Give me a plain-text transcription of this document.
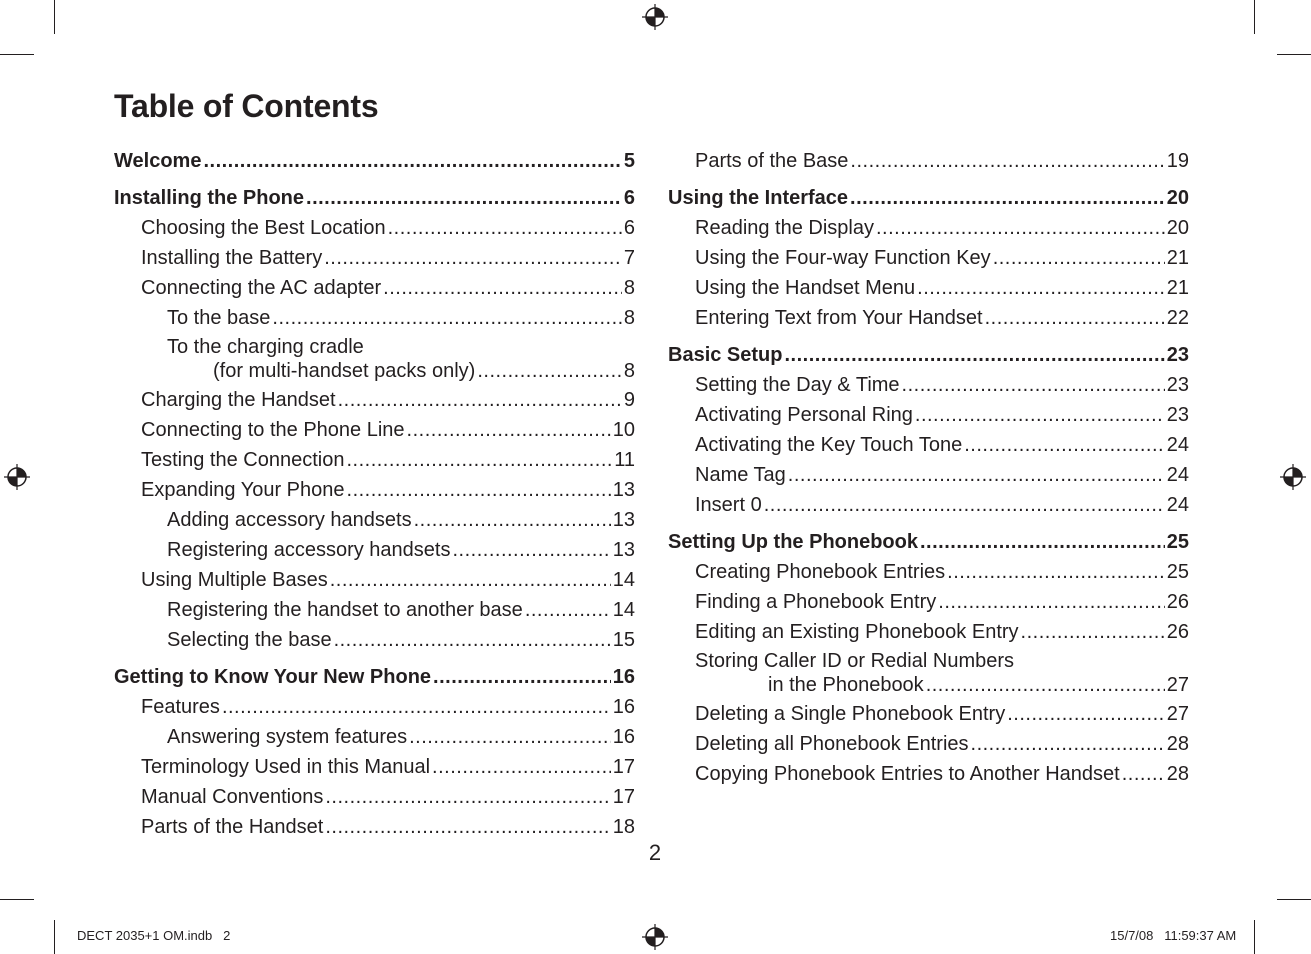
Table of Contents
Welcome .....	5
Installing the Phone .....	6
Choosing the Best Location .....	6
Installing the Battery .....	7
Connecting the AC adapter .....	8
To the base .....	8
To the charging cradle
(for multi-handset packs only) .....	8
Charging the Handset .....	9
Connecting to the Phone Line .....	10
Testing the Connection .....	11
Expanding Your Phone .....	13
Adding accessory handsets .....	13
Registering accessory handsets .....	13
Using Multiple Bases .....	14
Registering the handset to another base .....	14
Selecting the base .....	15
Getting to Know Your New Phone .....	16
Features .....	16
Answering system features .....	16
Terminology Used in this Manual .....	17
Manual Conventions .....	17
Parts of the Handset .....	18
Parts of the Base .....	19
Using the Interface .....	20
Reading the Display .....	20
Using the Four-way Function Key .....	21
Using the Handset Menu .....	21
Entering Text from Your Handset .....	22
Basic Setup .....	23
Setting the Day & Time .....	23
Activating Personal Ring .....	23
Activating the Key Touch Tone .....	24
Name Tag .....	24
Insert 0 .....	24
Setting Up the Phonebook .....	25
Creating Phonebook Entries .....	25
Finding a Phonebook Entry .....	26
Editing an Existing Phonebook Entry .....	26
Storing Caller ID or Redial Numbers
in the Phonebook .....	27
Deleting a Single Phonebook Entry .....	27
Deleting all Phonebook Entries .....	28
Copying Phonebook Entries to Another Handset ..... 28
2
DECT 2035+1 OM.indb   2	15/7/08   11:59:37 AM
